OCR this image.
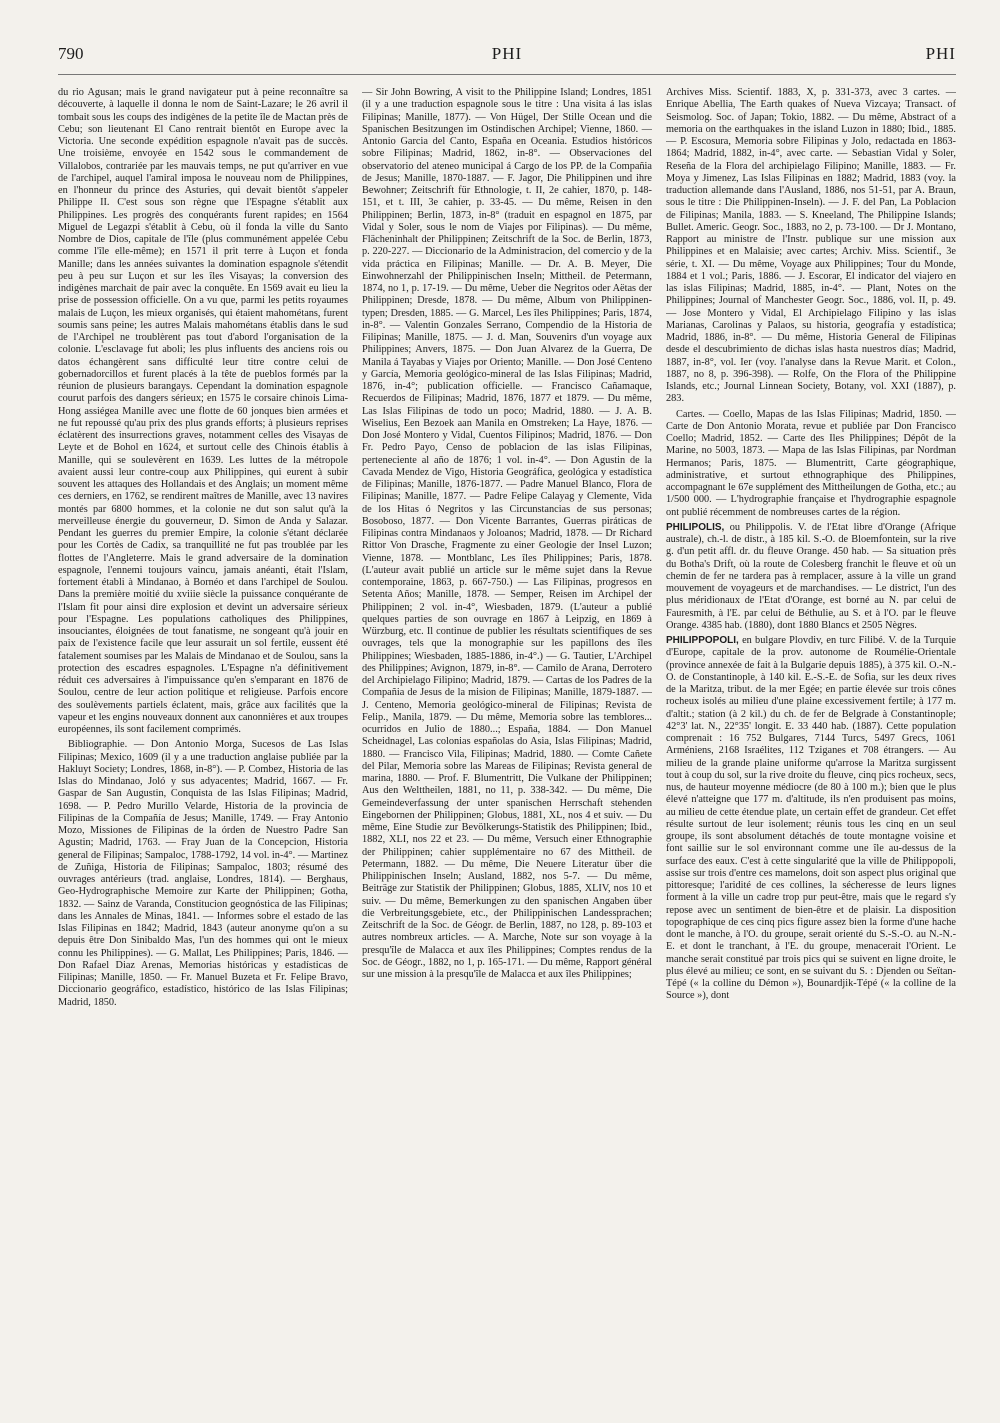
790	PHI	PHI

du rio Agusan; mais le grand navigateur put à peine reconnaître sa découverte, à laquelle il donna le nom de Saint-Lazare; le 26 avril il tombait sous les coups des indigènes de la petite île de Mactan près de Cebu; son lieutenant El Cano rentrait bientôt en Europe avec la Victoria. Une seconde expédition espagnole n'avait pas de succès. Une troisième, envoyée en 1542 sous le commandement de Villalobos, contrariée par les mauvais temps, ne put qu'arriver en vue de l'archipel, auquel l'amiral imposa le nouveau nom de Philippines, en l'honneur du prince des Asturies, qui devait bientôt s'appeler Philippe II. C'est sous son règne que l'Espagne s'établit aux Philippines. Les progrès des conquérants furent rapides; en 1564 Miguel de Legazpi s'établit à Cebu, où il fonda la ville du Santo Nombre de Dios, capitale de l'île (plus communément appelée Cebu comme l'île elle-même); en 1571 il prit terre à Luçon et fonda Manille; dans les années suivantes la domination espagnole s'étendit peu à peu sur Luçon et sur les îles Visayas; la conversion des indigènes marchait de pair avec la conquête. En 1569 avait eu lieu la prise de possession officielle. On a vu que, parmi les petits royaumes malais de Luçon, les mieux organisés, qui étaient mahométans, furent soumis sans peine; les autres Malais mahométans établis dans le sud de l'Archipel ne troublèrent pas tout d'abord l'organisation de la colonie. L'esclavage fut aboli; les plus influents des anciens rois ou datos échangèrent sans difficulté leur titre contre celui de gobernadorcillos et furent placés à la tête de pueblos formés par la réunion de plusieurs barangays. Cependant la domination espagnole courut parfois des dangers sérieux; en 1575 le corsaire chinois Lima-Hong assiégea Manille avec une flotte de 60 jonques bien armées et ne fut repoussé qu'au prix des plus grands efforts; à plusieurs reprises éclatèrent des insurrections graves, notamment celles des Visayas de Leyte et de Bohol en 1624, et surtout celle des Chinois établis à Manille, qui se soulevèrent en 1639. Les luttes de la métropole avaient aussi leur contre-coup aux Philippines, qui eurent à subir souvent les attaques des Hollandais et des Anglais; un moment même ces derniers, en 1762, se rendirent maîtres de Manille, avec 13 navires montés par 6800 hommes, et la colonie ne dut son salut qu'à la merveilleuse énergie du gouverneur, D. Simon de Anda y Salazar. Pendant les guerres du premier Empire, la colonie s'étant déclarée pour les Cortès de Cadix, sa tranquillité ne fut pas troublée par les flottes de l'Angleterre. Mais le grand adversaire de la domination espagnole, l'ennemi toujours vaincu, jamais anéanti, était l'Islam, fortement établi à Mindanao, à Bornéo et dans l'archipel de Soulou. Dans la première moitié du xviiie siècle la puissance conquérante de l'Islam fit pour ainsi dire explosion et devint un adversaire sérieux pour l'Espagne. Les populations catholiques des Philippines, insouciantes, éloignées de tout fanatisme, ne songeant qu'à jouir en paix de l'existence facile que leur assurait un sol fertile, eussent été fatalement soumises par les Malais de Mindanao et de Soulou, sans la protection des escadres espagnoles. L'Espagne n'a définitivement réduit ces adversaires à l'impuissance qu'en s'emparant en 1876 de Soulou, centre de leur action politique et religieuse. Parfois encore des soulèvements partiels éclatent, mais, grâce aux facilités que la vapeur et les engins nouveaux donnent aux canonnières et aux troupes européennes, ils sont facilement comprimés.

Bibliographie. — Don Antonio Morga, Sucesos de Las Islas Filipinas; Mexico, 1609 (il y a une traduction anglaise publiée par la Hakluyt Society; Londres, 1868, in-8°). — P. Combez, Historia de las Islas do Mindanao, Joló y sus adyacentes; Madrid, 1667. — Fr. Gaspar de San Augustin, Conquista de las Islas Filipinas; Madrid, 1698. — P. Pedro Murillo Velarde, Historia de la provincia de Filipinas de la Compañía de Jesus; Manille, 1749. — Fray Antonio Mozo, Missiones de Filipinas de la órden de Nuestro Padre San Agustin; Madrid, 1763. — Fray Juan de la Concepcion, Historia general de Filipinas; Sampaloc, 1788-1792, 14 vol. in-4°. — Martinez de Zuñiga, Historia de Filipinas; Sampaloc, 1803; résumé des ouvrages antérieurs (trad. anglaise, Londres, 1814). — Berghaus, Geo-Hydrographische Memoire zur Karte der Philippinen; Gotha, 1832. — Sainz de Varanda, Constitucion geognóstica de las Filipinas; dans les Annales de Minas, 1841. — Informes sobre el estado de las Islas Filipinas en 1842; Madrid, 1843 (auteur anonyme qu'on a su depuis être Don Sinibaldo Mas, l'un des hommes qui ont le mieux connu les Philippines). — G. Mallat, Les Philippines; Paris, 1846. — Don Rafael Diaz Arenas, Memorias históricas y estadísticas de Filipinas; Manille, 1850. — Fr. Manuel Buzeta et Fr. Felipe Bravo, Diccionario geográfico, estadístico, histórico de las Islas Filipinas; Madrid, 1850.

— Sir John Bowring, A visit to the Philippine Island; Londres, 1851 (il y a une traduction espagnole sous le titre : Una visita á las islas Filipinas; Manille, 1877). — Von Hügel, Der Stille Ocean und die Spanischen Besitzungen im Ostindischen Archipel; Vienne, 1860. — Antonio Garcia del Canto, España en Oceania. Estudios históricos sobre Filipinas; Madrid, 1862, in-8°. — Observaciones del observatorio del ateneo municipal á Cargo de los PP. de la Compañia de Jesus; Manille, 1870-1887. — F. Jagor, Die Philippinen und ihre Bewohner; Zeitschrift für Ethnologie, t. II, 2e cahier, 1870, p. 148-151, et t. III, 3e cahier, p. 33-45. — Du même, Reisen in den Philippinen; Berlin, 1873, in-8° (traduit en espagnol en 1875, par Vidal y Soler, sous le nom de Viajes por Filipinas). — Du même, Flächeninhalt der Philippinen; Zeitschrift de la Soc. de Berlin, 1873, p. 220-227. — Diccionario de la Administracion, del comercio y de la vida práctica en Filipinas; Manille. — Dr. A. B. Meyer, Die Einwohnerzahl der Philippinischen Inseln; Mittheil. de Petermann, 1874, no 1, p. 17-19. — Du même, Ueber die Negritos oder Aëtas der Philippinen; Dresde, 1878. — Du même, Album von Philippinen-typen; Dresden, 1885. — G. Marcel, Les îles Philippines; Paris, 1874, in-8°. — Valentin Gonzales Serrano, Compendio de la Historia de Filipinas; Manille, 1875. — J. d. Man, Souvenirs d'un voyage aux Philippines; Anvers, 1875. — Don Juan Alvarez de la Guerra, De Manila á Tayabas y Viajes por Oriento; Manille. — Don José Centeno y García, Memoria geológico-mineral de las Islas Filipinas; Madrid, 1876, in-4°; publication officielle. — Francisco Cañamaque, Recuerdos de Filipinas; Madrid, 1876, 1877 et 1879. — Du même, Las Islas Filipinas de todo un poco; Madrid, 1880. — J. A. B. Wiselius, Een Bezoek aan Manila en Omstreken; La Haye, 1876. — Don José Montero y Vidal, Cuentos Filipinos; Madrid, 1876. — Don Fr. Pedro Payo, Censo de poblacion de las islas Filipinas, perteneciente al año de 1876; 1 vol. in-4°. — Don Agustin de la Cavada Mendez de Vigo, Historia Geográfica, geológica y estadística de Filipinas; Manille, 1876-1877. — Padre Manuel Blanco, Flora de Filipinas; Manille, 1877. — Padre Felipe Calayag y Clemente, Vida de los Hitas ó Negritos y las Circunstancias de sus personas; Bosoboso, 1877. — Don Vicente Barrantes, Guerras piráticas de Filipinas contra Mindanaos y Joloanos; Madrid, 1878. — Dr Richard Rittor Von Drasche, Fragmente zu einer Geologie der Insel Luzon; Vienne, 1878. — Montblanc, Les îles Philippines; Paris, 1878. (L'auteur avait publié un article sur le même sujet dans la Revue contemporaine, 1863, p. 667-750.) — Las Filipinas, progresos en Setenta Años; Manille, 1878. — Semper, Reisen im Archipel der Philippinen; 2 vol. in-4°, Wiesbaden, 1879. (L'auteur a publié quelques parties de son ouvrage en 1867 à Leipzig, en 1869 à Würzburg, etc. Il continue de publier les résultats scientifiques de ses ouvrages, tels que la monographie sur les papillons des îles Philippines; Wiesbaden, 1885-1886, in-4°.) — G. Tautier, L'Archipel des Philippines; Avignon, 1879, in-8°. — Camilo de Arana, Derrotero del Archipielago Filipino; Madrid, 1879. — Cartas de los Padres de la Compañia de Jesus de la mision de Filipinas; Manille, 1879-1887. — J. Centeno, Memoria geológico-mineral de Filipinas; Revista de Felip., Manila, 1879. — Du même, Memoria sobre las temblores... ocurridos en Julio de 1880...; España, 1884. — Don Manuel Scheidnagel, Las colonias españolas do Asia, Islas Filipinas; Madrid, 1880. — Francisco Vila, Filipinas; Madrid, 1880. — Comte Cañete del Pilar, Memoria sobre las Mareas de Filipinas; Revista general de marina, 1880. — Prof. F. Blumentritt, Die Vulkane der Philippinen; Aus den Welttheilen, 1881, no 11, p. 338-342. — Du même, Die Gemeindeverfassung der unter spanischen Herrschaft stehenden Eingebornen der Philippinen; Globus, 1881, XL, nos 4 et suiv. — Du même, Eine Studie zur Bevölkerungs-Statistik des Philippinen; Ibid., 1882, XLI, nos 22 et 23. — Du même, Versuch einer Ethnographie der Philippinen; cahier supplémentaire no 67 des Mittheil. de Petermann, 1882. — Du même, Die Neuere Literatur über die Philippinischen Inseln; Ausland, 1882, nos 5-7. — Du même, Beiträge zur Statistik der Philippinen; Globus, 1885, XLIV, nos 10 et suiv. — Du même, Bemerkungen zu den spanischen Angaben über die Verbreitungsgebiete, etc., der Philippinischen Landessprachen; Zeitschrift de la Soc. de Géogr. de Berlin, 1887, no 128, p. 89-103 et autres nombreux articles. — A. Marche, Note sur son voyage à la presqu'île de Malacca et aux îles Philippines; Comptes rendus de la Soc. de Géogr., 1882, no 1, p. 165-171. — Du même, Rapport général sur une mission à la presqu'île de Malacca et aux îles Philippines;

Archives Miss. Scientif. 1883, X, p. 331-373, avec 3 cartes. — Enrique Abellia, The Earth quakes of Nueva Vizcaya; Transact. of Seismolog. Soc. of Japan; Tokio, 1882. — Du même, Abstract of a memoria on the earthquakes in the island Luzon in 1880; Ibid., 1885. — P. Escosura, Memoria sobre Filipinas y Jolo, redactada en 1863-1864; Madrid, 1882, in-4°, avec carte. — Sebastian Vidal y Soler, Reseña de la Flora del archipielago Filipino; Manille, 1883. — Fr. Moya y Jimenez, Las Islas Filipinas en 1882; Madrid, 1883 (voy. la traduction allemande dans l'Ausland, 1886, nos 51-51, par A. Braun, sous le titre : Die Philippinen-Inseln). — J. F. del Pan, La Poblacion de Filipinas; Manila, 1883. — S. Kneeland, The Philippine Islands; Bullet. Americ. Geogr. Soc., 1883, no 2, p. 73-100. — Dr J. Montano, Rapport au ministre de l'Instr. publique sur une mission aux Philippines et en Malaisie; avec cartes; Archiv. Miss. Scientif., 3e série, t. XI. — Du même, Voyage aux Philippines; Tour du Monde, 1884 et 1 vol.; Paris, 1886. — J. Escorar, El indicator del viajero en las islas Filipinas; Madrid, 1885, in-4°. — Plant, Notes on the Philippines; Journal of Manchester Geogr. Soc., 1886, vol. II, p. 49. — Jose Montero y Vidal, El Archipielago Filipino y las islas Marianas, Carolinas y Palaos, su historia, geografía y estadística; Madrid, 1886, in-8°. — Du même, Historia General de Filipinas desde el descubrimiento de dichas islas hasta nuestros días; Madrid, 1887, in-8°, vol. Ier (voy. l'analyse dans la Revue Marit. et Colon., 1887, no 8, p. 396-398). — Rolfe, On the Flora of the Philippine Islands, etc.; Journal Linnean Society, Botany, vol. XXI (1887), p. 283.

Cartes. — Coello, Mapas de las Islas Filipinas; Madrid, 1850. — Carte de Don Antonio Morata, revue et publiée par Don Francisco Coello; Madrid, 1852. — Carte des Iles Philippines; Dépôt de la Marine, no 5003, 1873. — Mapa de las Islas Filipinas, par Nordman Hermanos; Paris, 1875. — Blumentritt, Carte géographique, administrative, et surtout ethnographique des Philippines, accompagnant le 67e supplément des Mittheilungen de Gotha, etc.; au 1/500 000. — L'hydrographie française et l'hydrographie espagnole ont publié récemment de nombreuses cartes de la région.

PHILIPOLIS, ou Philippolis. V. de l'Etat libre d'Orange (Afrique australe), ch.-l. de distr., à 185 kil. S.-O. de Bloemfontein, sur la rive g. d'un petit affl. dr. du fleuve Orange. 450 hab. — Sa situation près du Botha's Drift, où la route de Colesberg franchit le fleuve et où un chemin de fer ne tardera pas à remplacer, assure à la ville un grand mouvement de voyageurs et de marchandises. — Le district, l'un des plus méridionaux de l'Etat d'Orange, est borné au N. par celui de Fauresmith, à l'E. par celui de Béthulie, au S. et à l'O. par le fleuve Orange. 4385 hab. (1880), dont 1880 Blancs et 2505 Nègres.

PHILIPPOPOLI, en bulgare Plovdiv, en turc Filibé. V. de la Turquie d'Europe, capitale de la prov. autonome de Roumélie-Orientale (province annexée de fait à la Bulgarie depuis 1885), à 375 kil. O.-N.-O. de Constantinople, à 140 kil. E.-S.-E. de Sofia, sur les deux rives de la Maritza, tribut. de la mer Egée; en partie élevée sur trois cônes rocheux isolés au milieu d'une plaine excessivement fertile; à 177 m. d'altit.; station (à 2 kil.) du ch. de fer de Belgrade à Constantinople; 42°3' lat. N., 22°35' longit. E. 33 440 hab. (1887). Cette population comprenait : 16 752 Bulgares, 7144 Turcs, 5497 Grecs, 1061 Arméniens, 2168 Israélites, 112 Tziganes et 708 étrangers. — Au milieu de la grande plaine uniforme qu'arrose la Maritza surgissent tout à coup du sol, sur la rive droite du fleuve, cinq pics rocheux, secs, nus, de hauteur moyenne médiocre (de 80 à 100 m.); bien que le plus élevé n'atteigne que 177 m. d'altitude, ils n'en produisent pas moins, au milieu de cette étendue plate, un certain effet de grandeur. Cet effet résulte surtout de leur isolement; réunis tous les cinq en un seul groupe, ils sont absolument détachés de toute montagne voisine et font saillie sur le sol environnant comme une île au-dessus de la surface des eaux. C'est à cette singularité que la ville de Philippopoli, assise sur trois d'entre ces mamelons, doit son aspect plus original que pittoresque; l'aridité de ces collines, la sécheresse de leurs lignes forment à la ville un cadre trop pur peut-être, mais que le regard s'y repose avec un sentiment de bien-être et de plaisir. La disposition topographique de ces cinq pics figure assez bien la forme d'une hache dont le manche, à l'O. du groupe, serait orienté du S.-S.-O. au N.-N.-E. et dont le tranchant, à l'E. du groupe, menacerait l'Orient. Le manche serait constitué par trois pics qui se suivent en ligne droite, le plus élevé au milieu; ce sont, en se suivant du S. : Djenden ou Seïtan-Tépé (« la colline du Démon »), Bounardjik-Tépé (« la colline de la Source »), dont
